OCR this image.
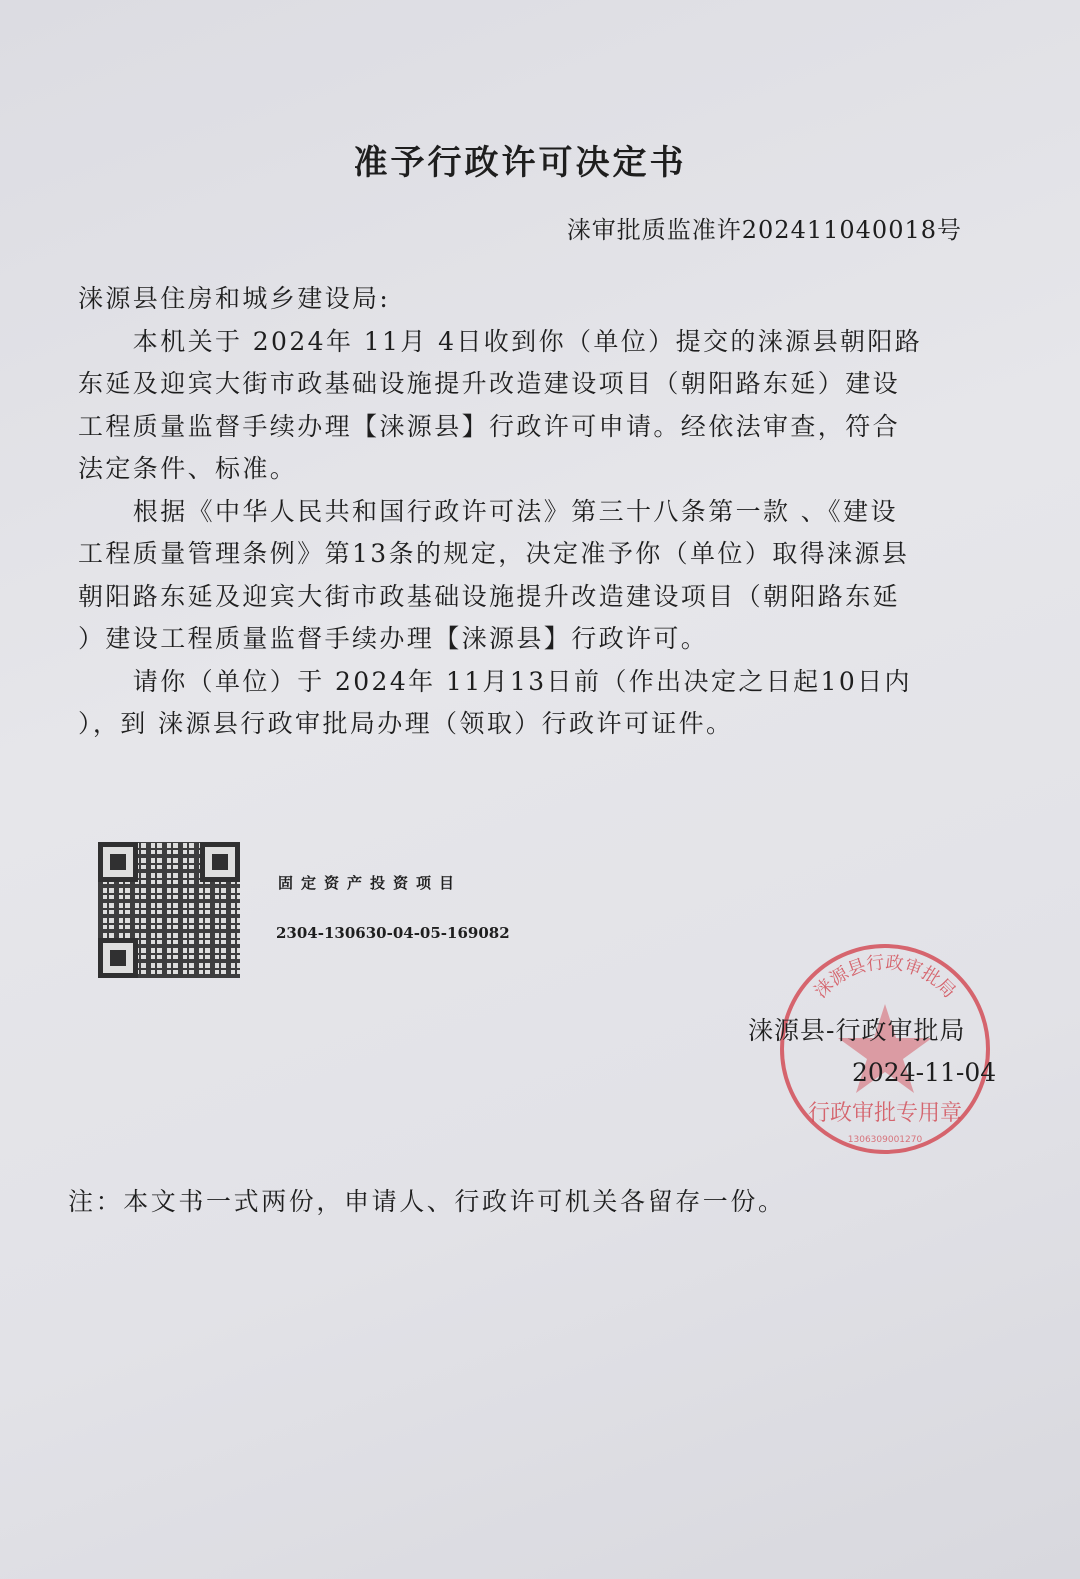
准予行政许可决定书
涞审批质监准许202411040018号
涞源县住房和城乡建设局:
　　本机关于 2024年 11月 4日收到你（单位）提交的涞源县朝阳路
东延及迎宾大街市政基础设施提升改造建设项目（朝阳路东延）建设
工程质量监督手续办理【涞源县】行政许可申请。经依法审查，符合
法定条件、标准。
　　根据《中华人民共和国行政许可法》第三十八条第一款 、《建设
工程质量管理条例》第13条的规定，决定准予你（单位）取得涞源县
朝阳路东延及迎宾大街市政基础设施提升改造建设项目（朝阳路东延
）建设工程质量监督手续办理【涞源县】行政许可。
　　请你（单位）于 2024年 11月13日前（作出决定之日起10日内
），到 涞源县行政审批局办理（领取）行政许可证件。
固定资产投资项目
2304-130630-04-05-169082
涞源县行政审批局
行政审批专用章
1306309001270
涞源县-行政审批局
2024-11-04
注：本文书一式两份，申请人、行政许可机关各留存一份。
